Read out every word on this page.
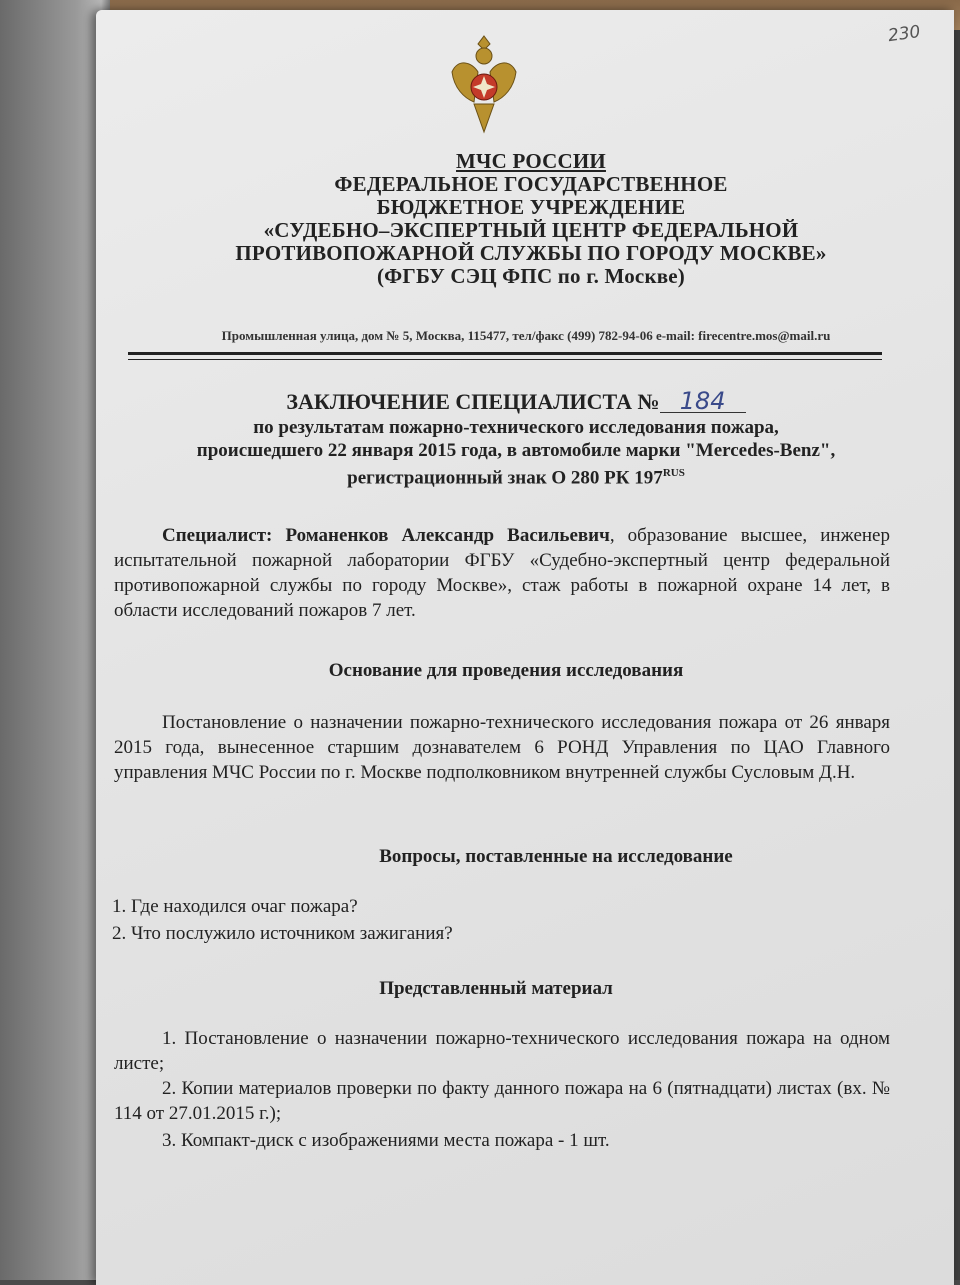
230
МЧС РОССИИ
ФЕДЕРАЛЬНОЕ ГОСУДАРСТВЕННОЕ
БЮДЖЕТНОЕ УЧРЕЖДЕНИЕ
«СУДЕБНО–ЭКСПЕРТНЫЙ ЦЕНТР ФЕДЕРАЛЬНОЙ
ПРОТИВОПОЖАРНОЙ СЛУЖБЫ ПО ГОРОДУ МОСКВЕ»
(ФГБУ СЭЦ ФПС по г. Москве)
Промышленная улица, дом № 5, Москва, 115477, тел/факс (499) 782-94-06 e-mail: firecentre.mos@mail.ru
ЗАКЛЮЧЕНИЕ СПЕЦИАЛИСТА № 184
по результатам пожарно-технического исследования пожара,
происшедшего 22 января 2015 года, в автомобиле марки "Mercedes-Benz",
регистрационный знак О 280 РК $197^{RUS}$
Специалист: Романенков Александр Васильевич, образование высшее, инженер испытательной пожарной лаборатории ФГБУ «Судебно-экспертный центр федеральной противопожарной службы по городу Москве», стаж работы в пожарной охране 14 лет, в области исследований пожаров 7 лет.
Основание для проведения исследования
Постановление о назначении пожарно-технического исследования пожара от 26 января 2015 года, вынесенное старшим дознавателем 6 РОНД Управления по ЦАО Главного управления МЧС России по г. Москве подполковником внутренней службы Сусловым Д.Н.
Вопросы, поставленные на исследование
1. Где находился очаг пожара?
2. Что послужило источником зажигания?
Представленный материал
1. Постановление о назначении пожарно-технического исследования пожара на одном листе;
2. Копии материалов проверки по факту данного пожара на 6 (пятнадцати) листах (вх. № 114 от 27.01.2015 г.);
3. Компакт-диск с изображениями места пожара - 1 шт.
